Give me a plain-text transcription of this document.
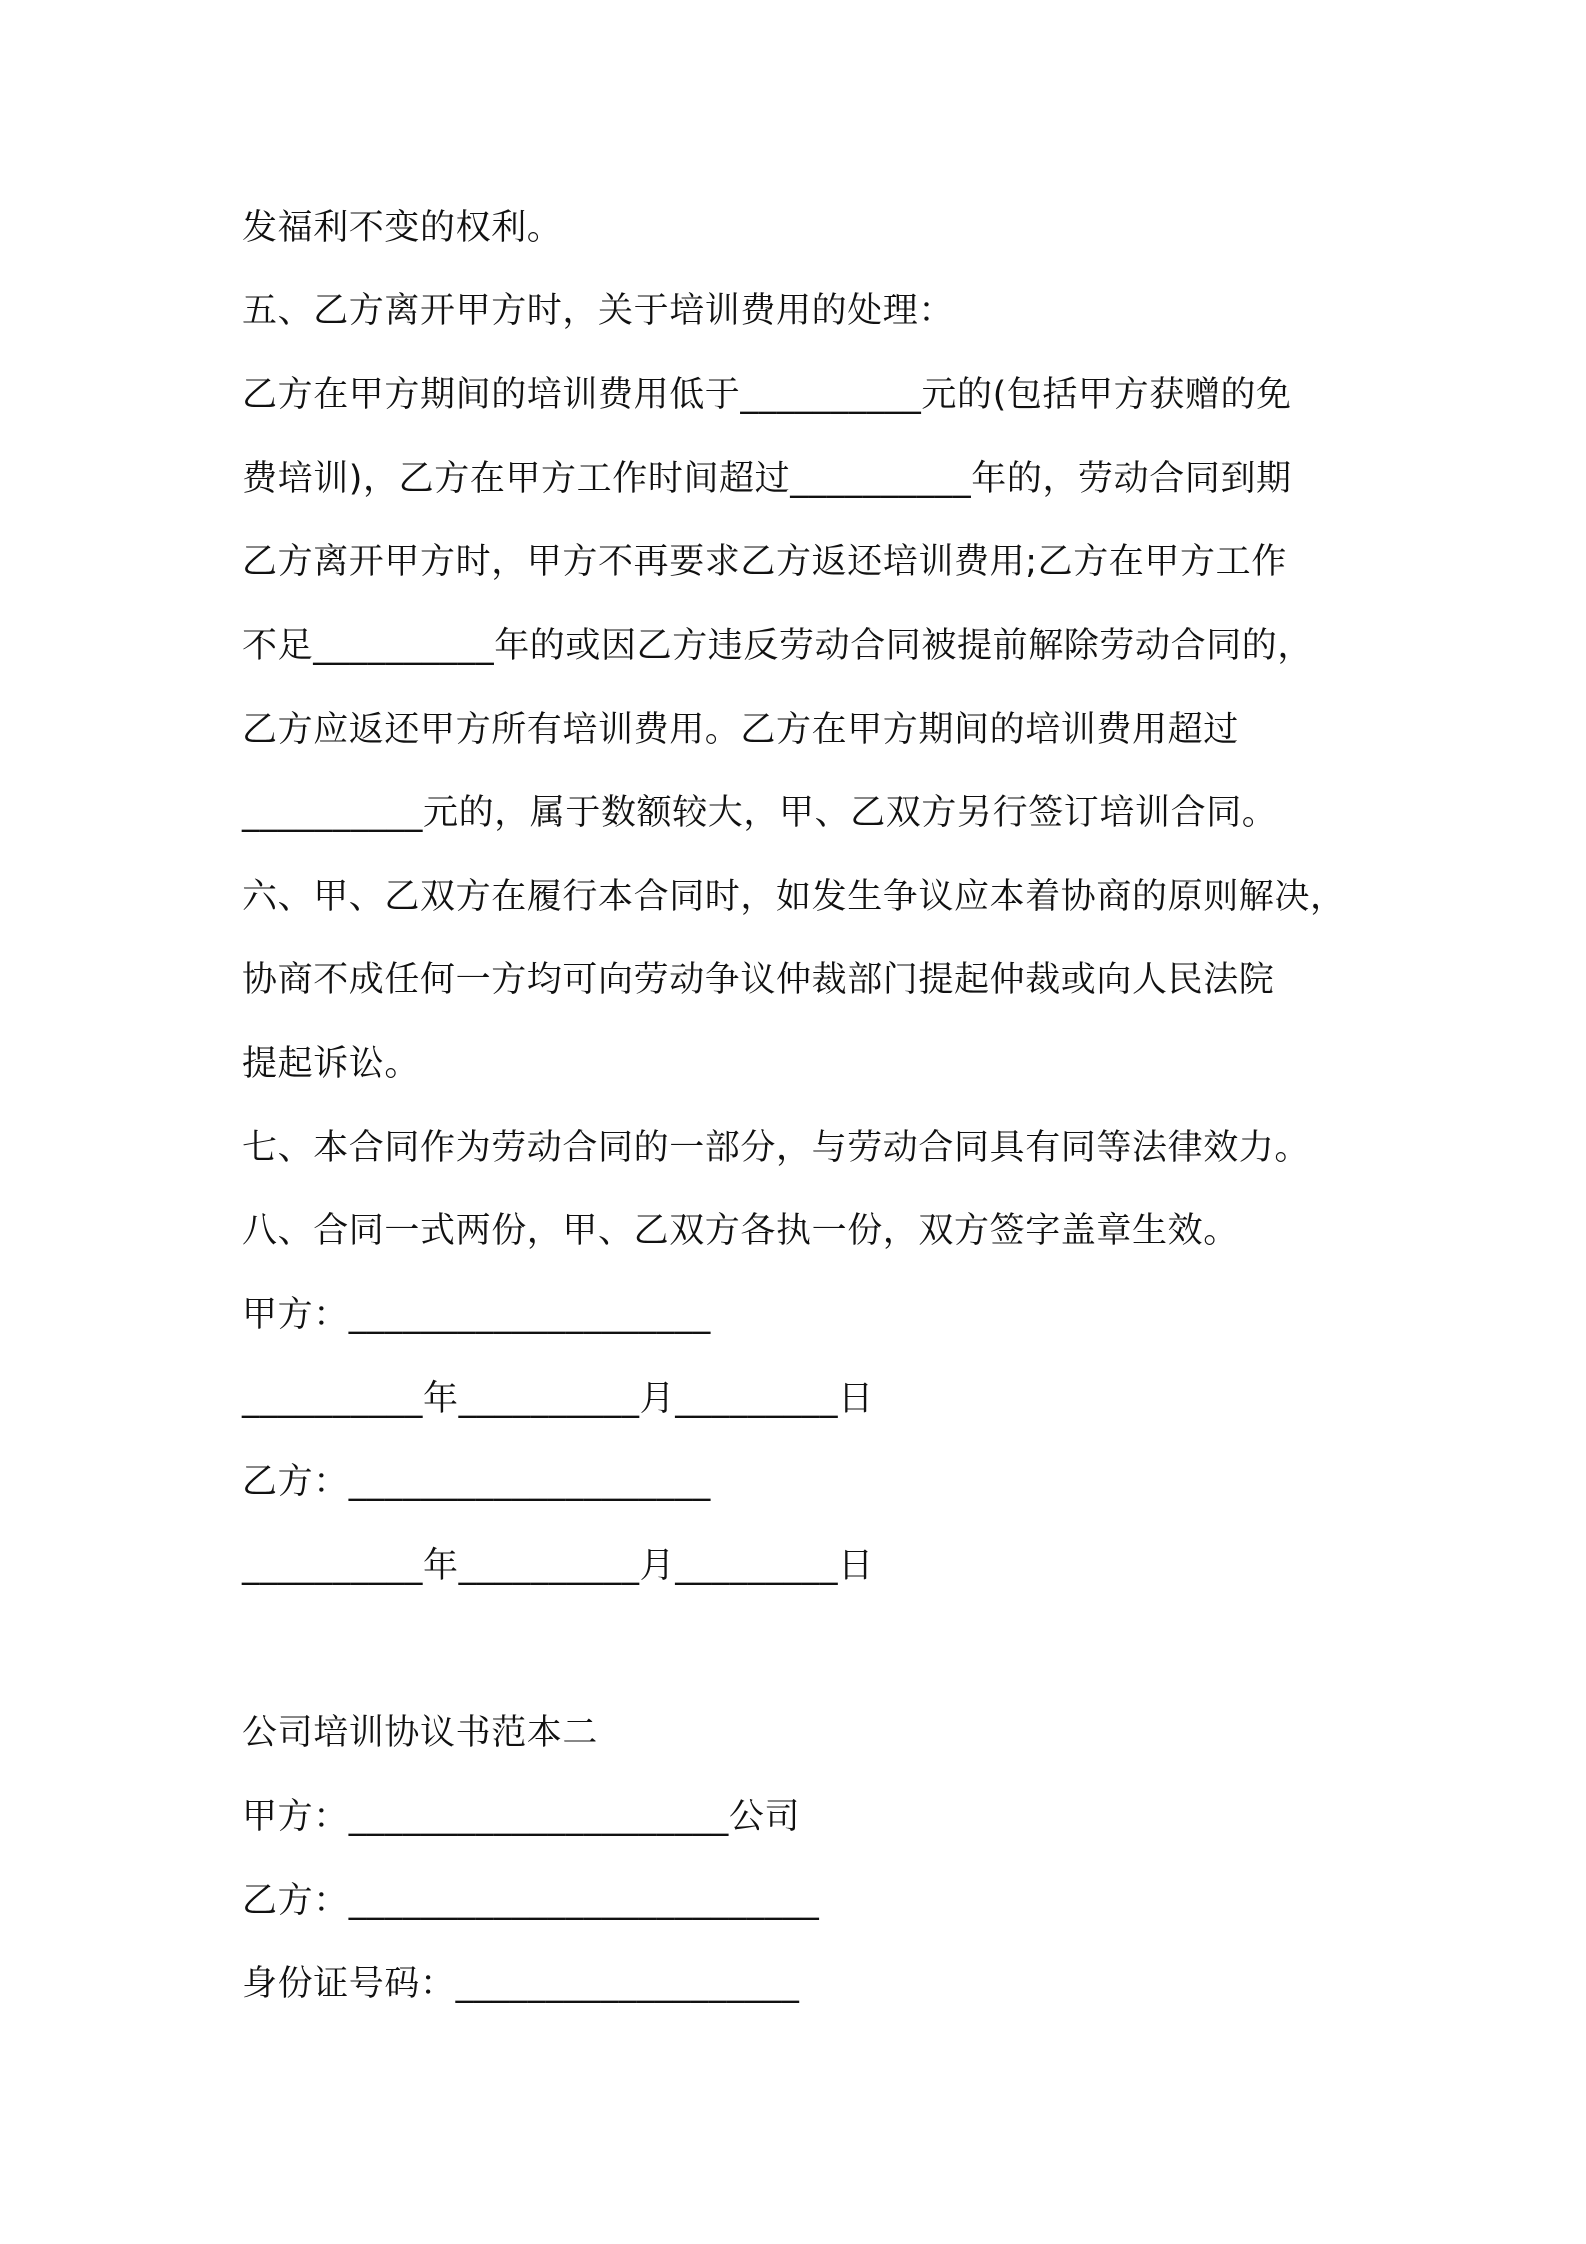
发福利不变的权利。
五、乙方离开甲方时，关于培训费用的处理：
乙方在甲方期间的培训费用低于__________元的(包括甲方获赠的免
费培训)，乙方在甲方工作时间超过__________年的，劳动合同到期
乙方离开甲方时，甲方不再要求乙方返还培训费用;乙方在甲方工作
不足__________年的或因乙方违反劳动合同被提前解除劳动合同的，
乙方应返还甲方所有培训费用。乙方在甲方期间的培训费用超过
__________元的，属于数额较大，甲、乙双方另行签订培训合同。
六、甲、乙双方在履行本合同时，如发生争议应本着协商的原则解决，
协商不成任何一方均可向劳动争议仲裁部门提起仲裁或向人民法院
提起诉讼。
七、本合同作为劳动合同的一部分，与劳动合同具有同等法律效力。
八、合同一式两份，甲、乙双方各执一份，双方签字盖章生效。
甲方：____________________
__________年__________月_________日
乙方：____________________
__________年__________月_________日
公司培训协议书范本二
甲方：_____________________公司
乙方：__________________________
身份证号码：___________________
